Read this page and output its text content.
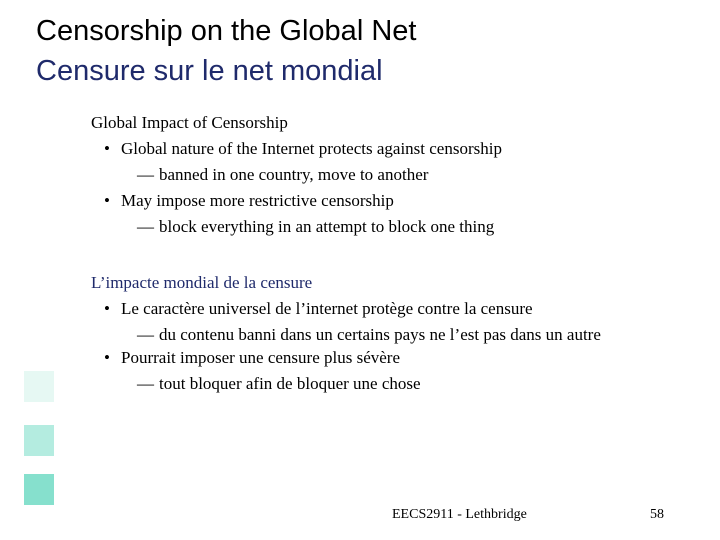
Censorship on the Global Net
Censure sur le net mondial
Global Impact of Censorship
• Global nature of the Internet protects against censorship
— banned in one country, move to another
• May impose more restrictive censorship
— block everything in an attempt to block one thing
L’impacte mondial de la censure
• Le caractère universel de l’internet protège contre la censure
— du contenu banni dans un certains pays ne l’est pas dans un autre
• Pourrait imposer une censure plus sévère
— tout bloquer afin de bloquer une chose
EECS2911 - Lethbridge	58
